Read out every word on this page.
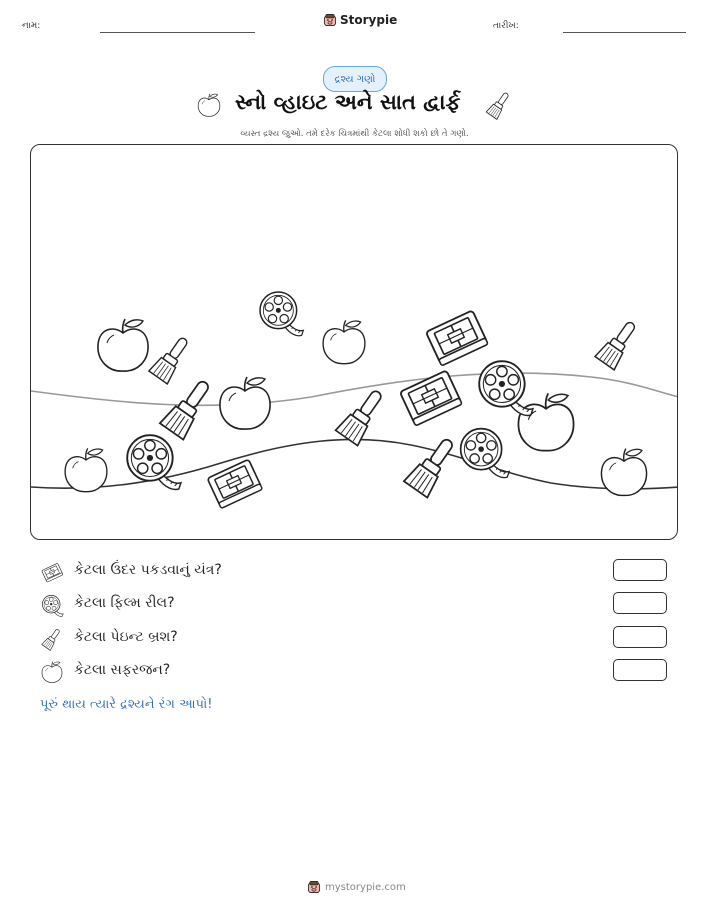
નામ:	Storypie	તારીખ:
દ્રશ્ય ગણો
સ્નો વ્હાઇટ અને સાત દ્વાર્ફ
વ્યસ્ત દ્રશ્ય જુઓ. તમે દરેક ચિત્રમાંથી કેટલા શોધી શકો છો તે ગણો.
કેટલા ઉંદર પકડવાનું યંત્ર?
કેટલા ફિલ્મ રીલ?
કેટલા પેઇન્ટ બ્રશ?
કેટલા સફરજન?
પૂરું થાય ત્યારે દ્રશ્યને રંગ આપો!
mystorypie.com
